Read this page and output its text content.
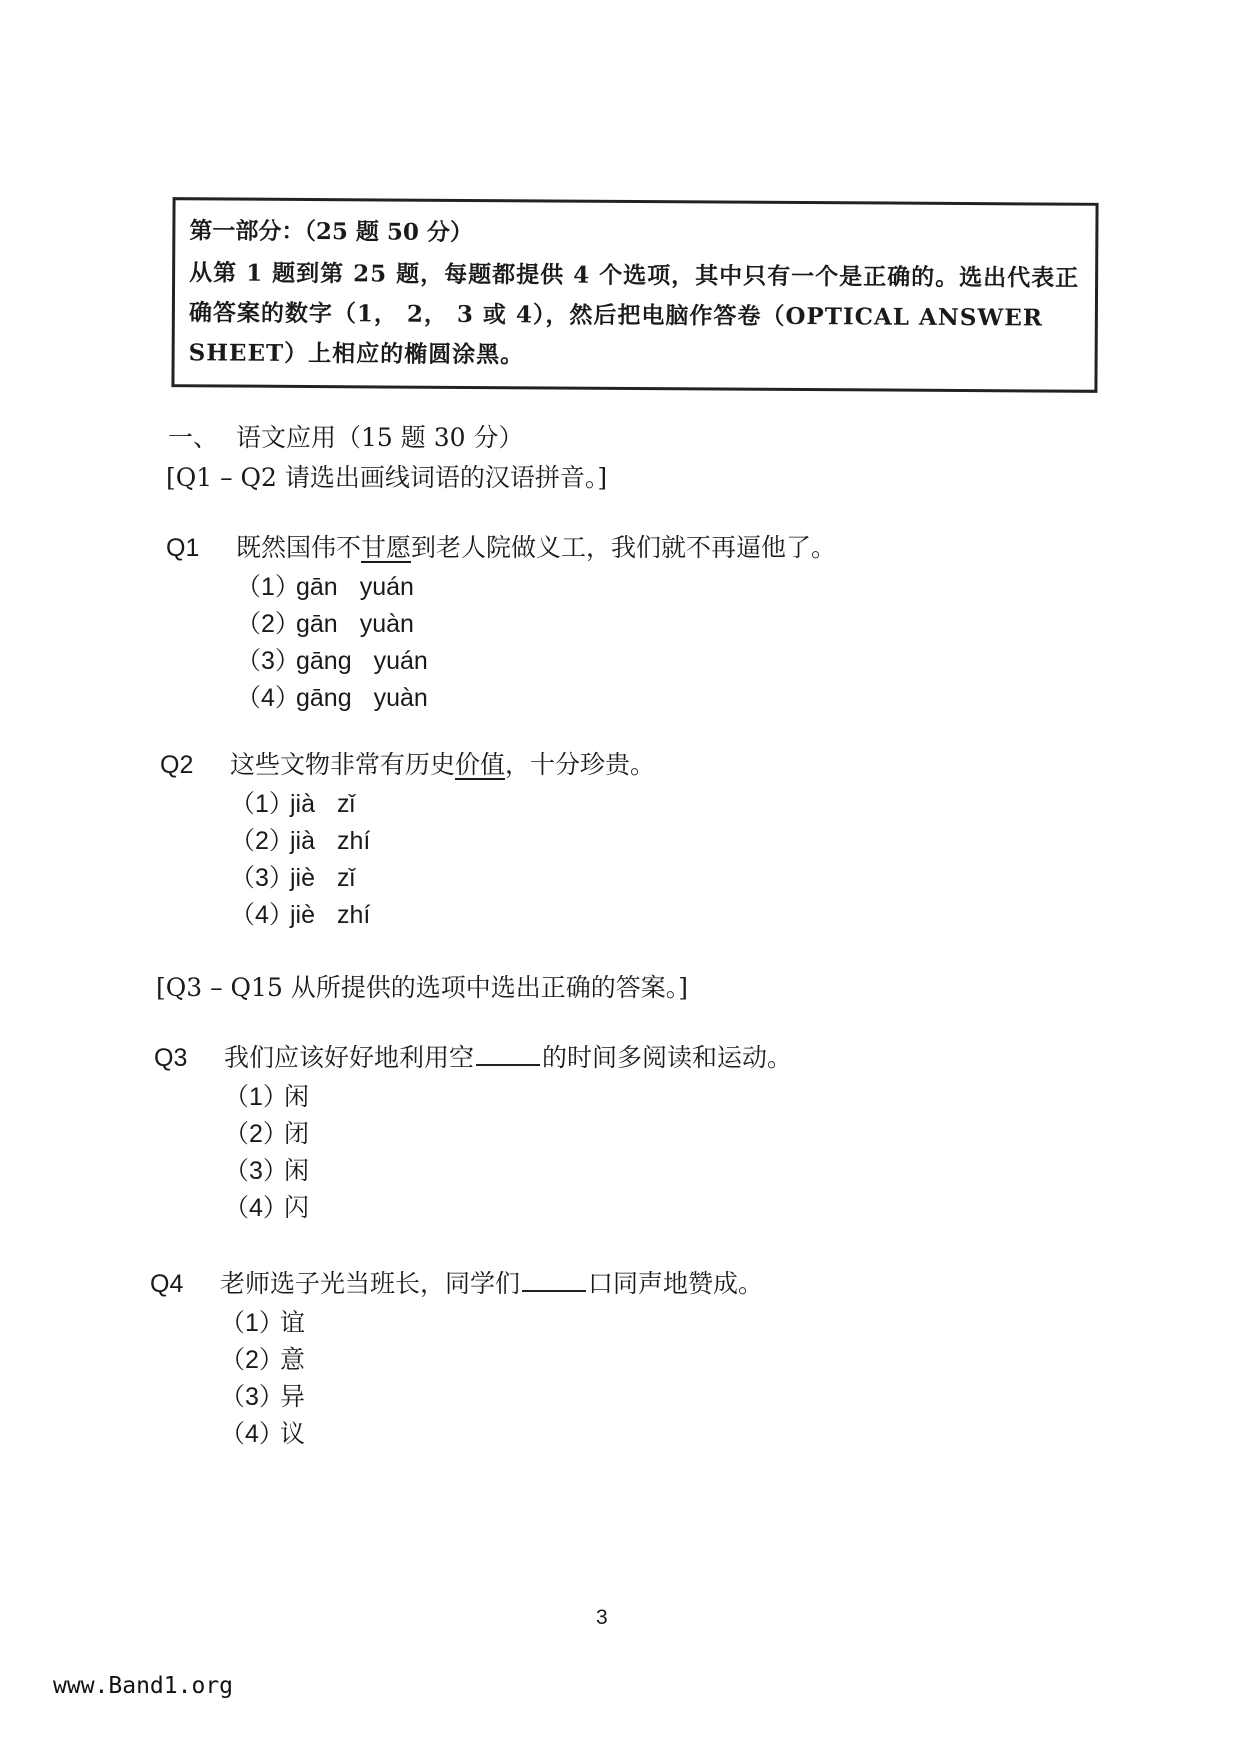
第一部分：（25 题 50 分）
从第 1 题到第 25 题，每题都提供 4 个选项，其中只有一个是正确的。选出代表正确答案的数字（1， 2， 3 或 4），然后把电脑作答卷（OPTICAL ANSWER SHEET）上相应的椭圆涂黑。
一、 语文应用（15 题 30 分）
[Q1 – Q2 请选出画线词语的汉语拼音。]
Q1 既然国伟不甘愿到老人院做义工，我们就不再逼他了。
（1）gān yuán
（2）gān yuàn
（3）gāng yuán
（4）gāng yuàn
Q2 这些文物非常有历史价值，十分珍贵。
（1）jià zǐ
（2）jià zhí
（3）jiè zǐ
（4）jiè zhí
[Q3 – Q15 从所提供的选项中选出正确的答案。]
Q3 我们应该好好地利用空	的时间多阅读和运动。
（1）闲
（2）闭
（3）闲
（4）闪
Q4 老师选子光当班长，同学们	口同声地赞成。
（1）谊
（2）意
（3）异
（4）议
3
www.Band1.org
